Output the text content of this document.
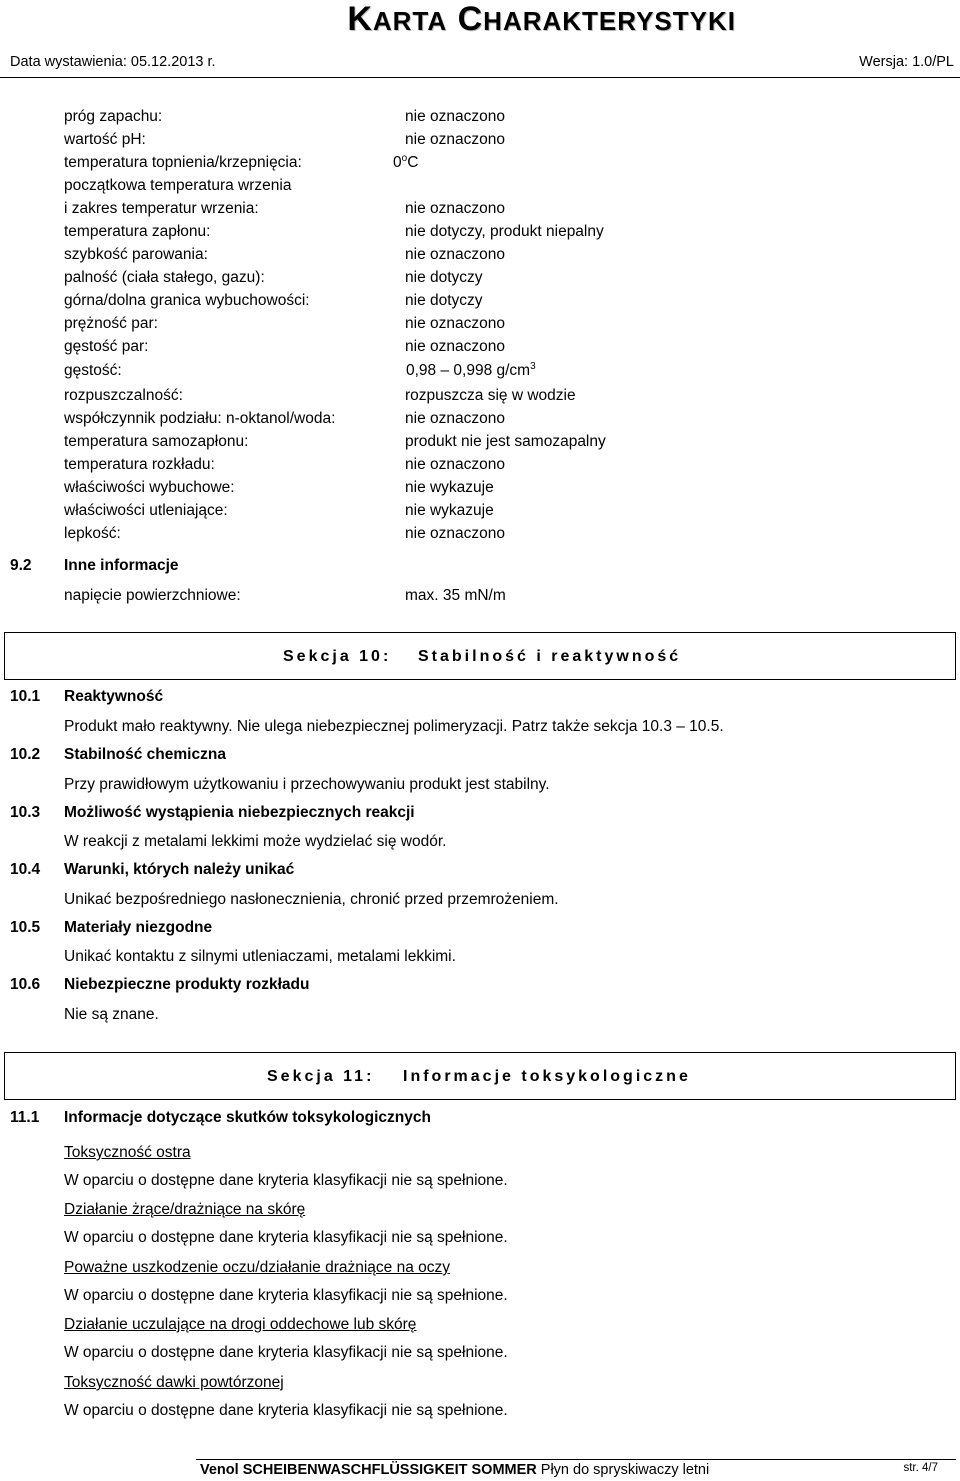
KARTA CHARAKTERYSTYKI
Data wystawienia: 05.12.2013 r.	Wersja: 1.0/PL
próg zapachu:	nie oznaczono
wartość pH:	nie oznaczono
temperatura topnienia/krzepnięcia:	0$^o$C
początkowa temperatura wrzenia
i zakres temperatur wrzenia:	nie oznaczono
temperatura zapłonu:	nie dotyczy, produkt niepalny
szybkość parowania:	nie oznaczono
palność (ciała stałego, gazu):	nie dotyczy
górna/dolna granica wybuchowości:	nie dotyczy
prężność par:	nie oznaczono
gęstość par:	nie oznaczono
gęstość:	0,98 – 0,998 $g/cm^3$
rozpuszczalność:	rozpuszcza się w wodzie
współczynnik podziału: n-oktanol/woda:	nie oznaczono
temperatura samozapłonu:	produkt nie jest samozapalny
temperatura rozkładu:	nie oznaczono
właściwości wybuchowe:	nie wykazuje
właściwości utleniające:	nie wykazuje
lepkość:	nie oznaczono
9.2 Inne informacje
napięcie powierzchniowe:	max. 35 mN/m
Sekcja 10: Stabilność i reaktywność
10.1 Reaktywność
Produkt mało reaktywny. Nie ulega niebezpiecznej polimeryzacji. Patrz także sekcja 10.3 – 10.5.
10.2 Stabilność chemiczna
Przy prawidłowym użytkowaniu i przechowywaniu produkt jest stabilny.
10.3 Możliwość wystąpienia niebezpiecznych reakcji
W reakcji z metalami lekkimi może wydzielać się wodór.
10.4 Warunki, których należy unikać
Unikać bezpośredniego nasłonecznienia, chronić przed przemrożeniem.
10.5 Materiały niezgodne
Unikać kontaktu z silnymi utleniaczami, metalami lekkimi.
10.6 Niebezpieczne produkty rozkładu
Nie są znane.
Sekcja 11: Informacje toksykologiczne
11.1 Informacje dotyczące skutków toksykologicznych
Toksyczność ostra
W oparciu o dostępne dane kryteria klasyfikacji nie są spełnione.
Działanie żrące/drażniące na skórę
W oparciu o dostępne dane kryteria klasyfikacji nie są spełnione.
Poważne uszkodzenie oczu/działanie drażniące na oczy
W oparciu o dostępne dane kryteria klasyfikacji nie są spełnione.
Działanie uczulające na drogi oddechowe lub skórę
W oparciu o dostępne dane kryteria klasyfikacji nie są spełnione.
Toksyczność dawki powtórzonej
W oparciu o dostępne dane kryteria klasyfikacji nie są spełnione.
Venol SCHEIBENWASCHFLÜSSIGKEIT SOMMER Płyn do spryskiwaczy letni	str. 4/7
